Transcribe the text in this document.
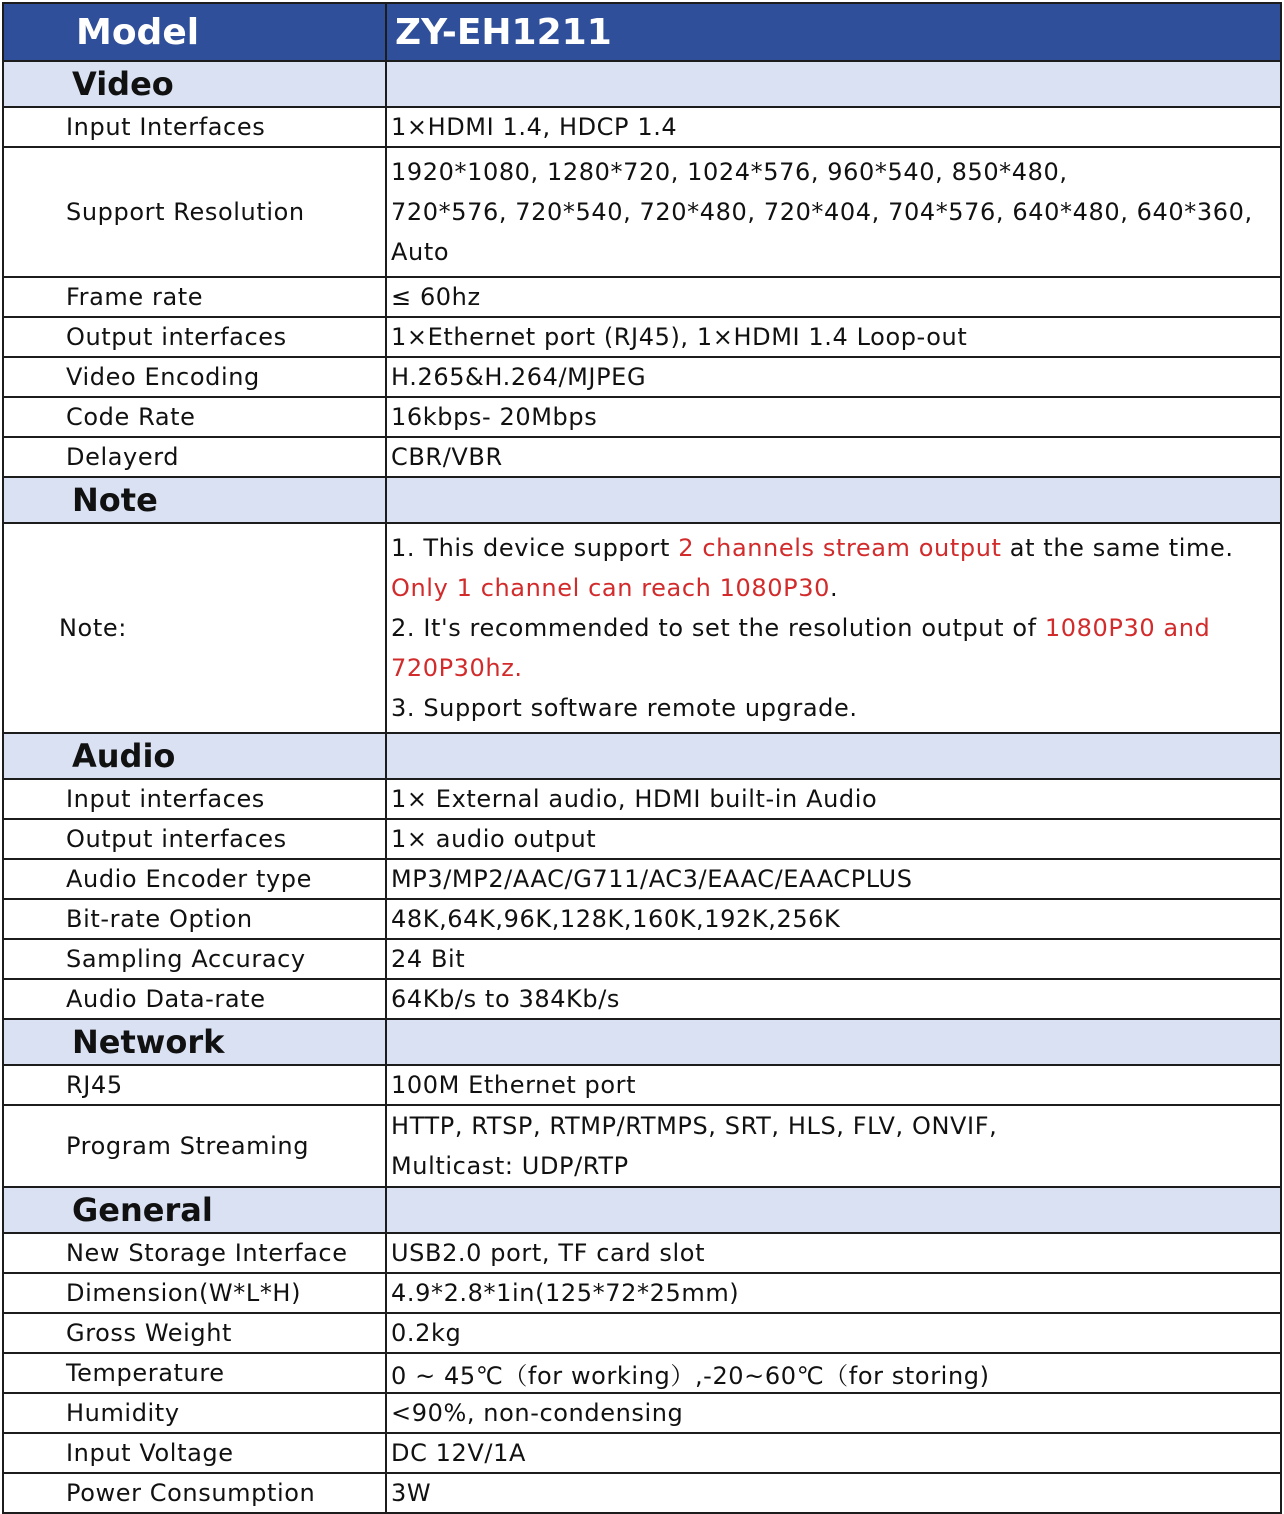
Model	ZY-EH1211
Video	
Input Interfaces	1×HDMI 1.4, HDCP 1.4
Support Resolution	1920*1080, 1280*720, 1024*576, 960*540, 850*480,
720*576, 720*540, 720*480, 720*404, 704*576, 640*480, 640*360,
Auto

Frame rate	≤ 60hz
Output interfaces	1×Ethernet port (RJ45), 1×HDMI 1.4 Loop-out
Video Encoding	H.265&H.264/MJPEG
Code Rate	16kbps- 20Mbps
Delayerd	CBR/VBR
Note	
Note:	1. This device support 2 channels stream output at the same time.
Only 1 channel can reach 1080P30.
2. It's recommended to set the resolution output of 1080P30 and
720P30hz.
3. Support software remote upgrade.

Audio	
Input interfaces	1× External audio, HDMI built-in Audio
Output interfaces	1× audio output
Audio Encoder type	MP3/MP2/AAC/G711/AC3/EAAC/EAACPLUS
Bit-rate Option	48K,64K,96K,128K,160K,192K,256K
Sampling Accuracy	24 Bit
Audio Data-rate	64Kb/s to 384Kb/s
Network	
RJ45	100M Ethernet port
Program Streaming	HTTP, RTSP, RTMP/RTMPS, SRT, HLS, FLV, ONVIF,
Multicast: UDP/RTP

General	
New Storage Interface	USB2.0 port, TF card slot
Dimension(W*L*H)	4.9*2.8*1in(125*72*25mm)
Gross Weight	0.2kg
Temperature	0 ~ 45℃（for working）,-20~60℃（for storing)
Humidity	<90%, non-condensing
Input Voltage	DC 12V/1A
Power Consumption	3W
